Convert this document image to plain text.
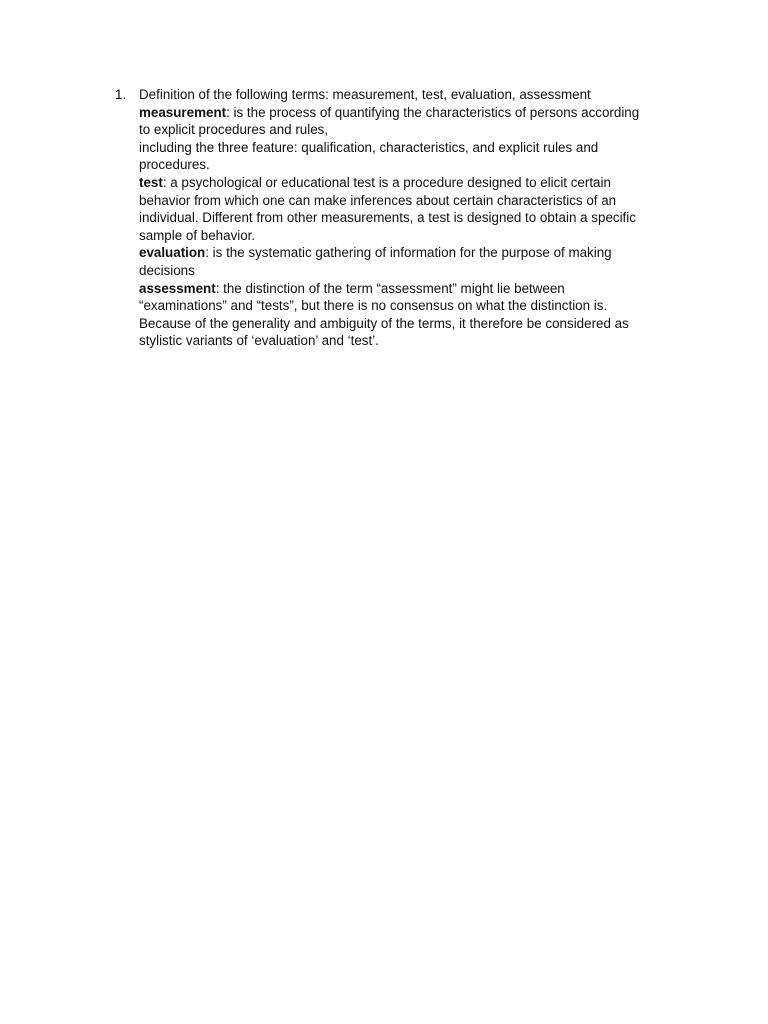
1. Definition of the following terms: measurement, test, evaluation, assessment
measurement: is the process of quantifying the characteristics of persons according
to explicit procedures and rules,
including the three feature: qualification, characteristics, and explicit rules and
procedures.
test: a psychological or educational test is a procedure designed to elicit certain
behavior from which one can make inferences about certain characteristics of an
individual. Different from other measurements, a test is designed to obtain a specific
sample of behavior.
evaluation: is the systematic gathering of information for the purpose of making
decisions
assessment: the distinction of the term “assessment” might lie between
“examinations” and “tests”, but there is no consensus on what the distinction is.
Because of the generality and ambiguity of the terms, it therefore be considered as
stylistic variants of ‘evaluation’ and ‘test’.
